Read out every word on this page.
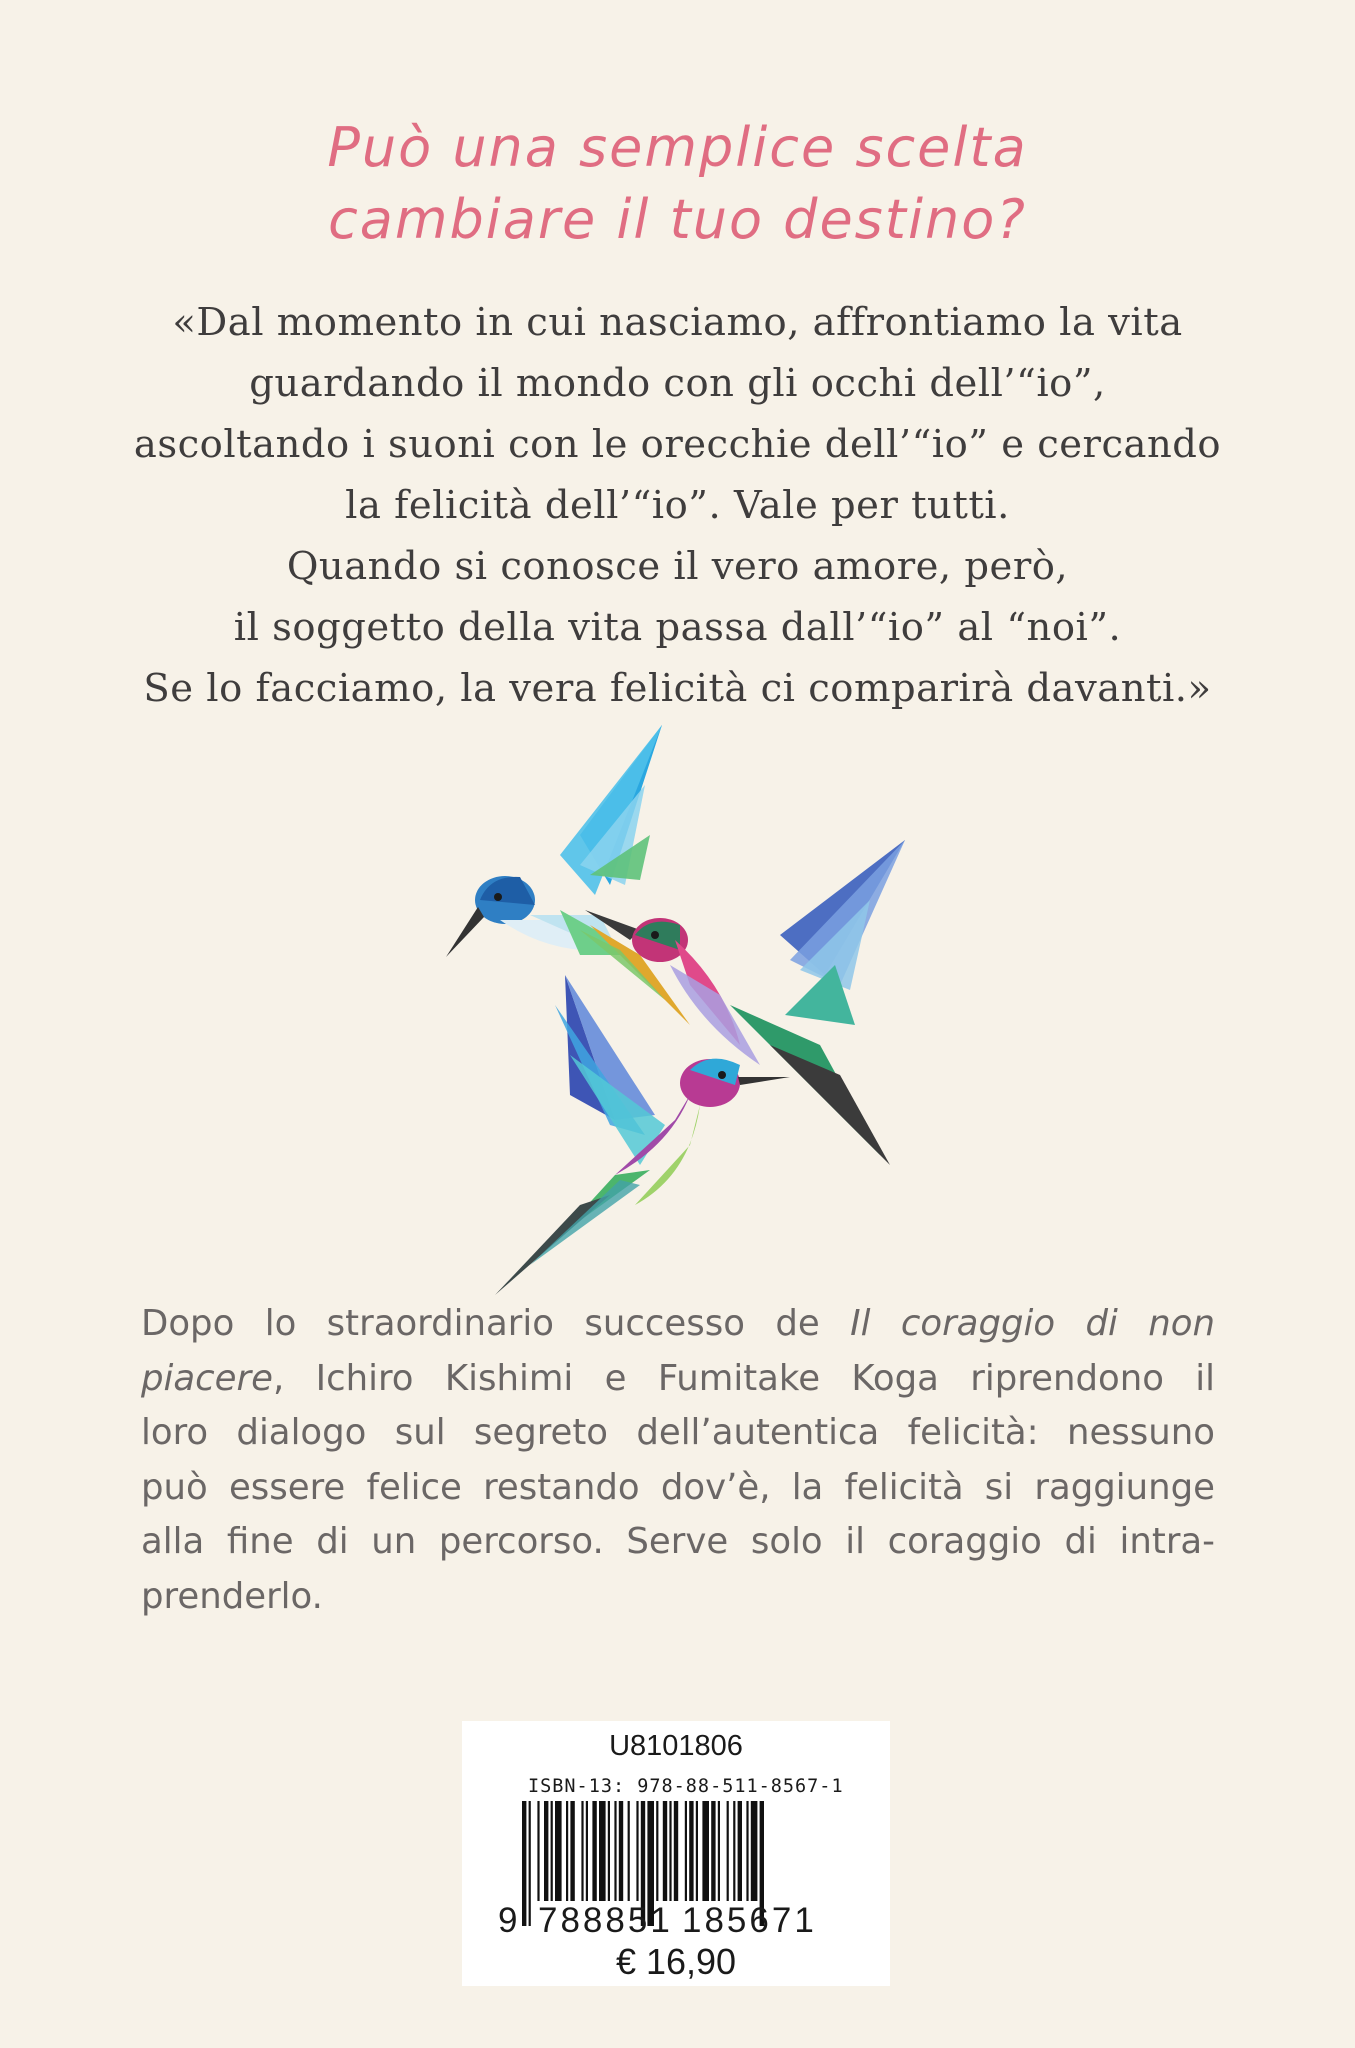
Può una semplice scelta
cambiare il tuo destino?
«Dal momento in cui nasciamo, affrontiamo la vita
guardando il mondo con gli occhi dell’“io”,
ascoltando i suoni con le orecchie dell’“io” e cercando
la felicità dell’“io”. Vale per tutti.
Quando si conosce il vero amore, però,
il soggetto della vita passa dall’“io” al “noi”.
Se lo facciamo, la vera felicità ci comparirà davanti.»
Dopo lo straordinario successo de Il coraggio di non
piacere, Ichiro Kishimi e Fumitake Koga riprendono il
loro dialogo sul segreto dell’autentica felicità: nessuno
può essere felice restando dov’è, la felicità si raggiunge
alla fine di un percorso. Serve solo il coraggio di intra-
prenderlo.
U8101806
ISBN-13: 978-88-511-8567-1
9 788851 185671
€ 16,90
